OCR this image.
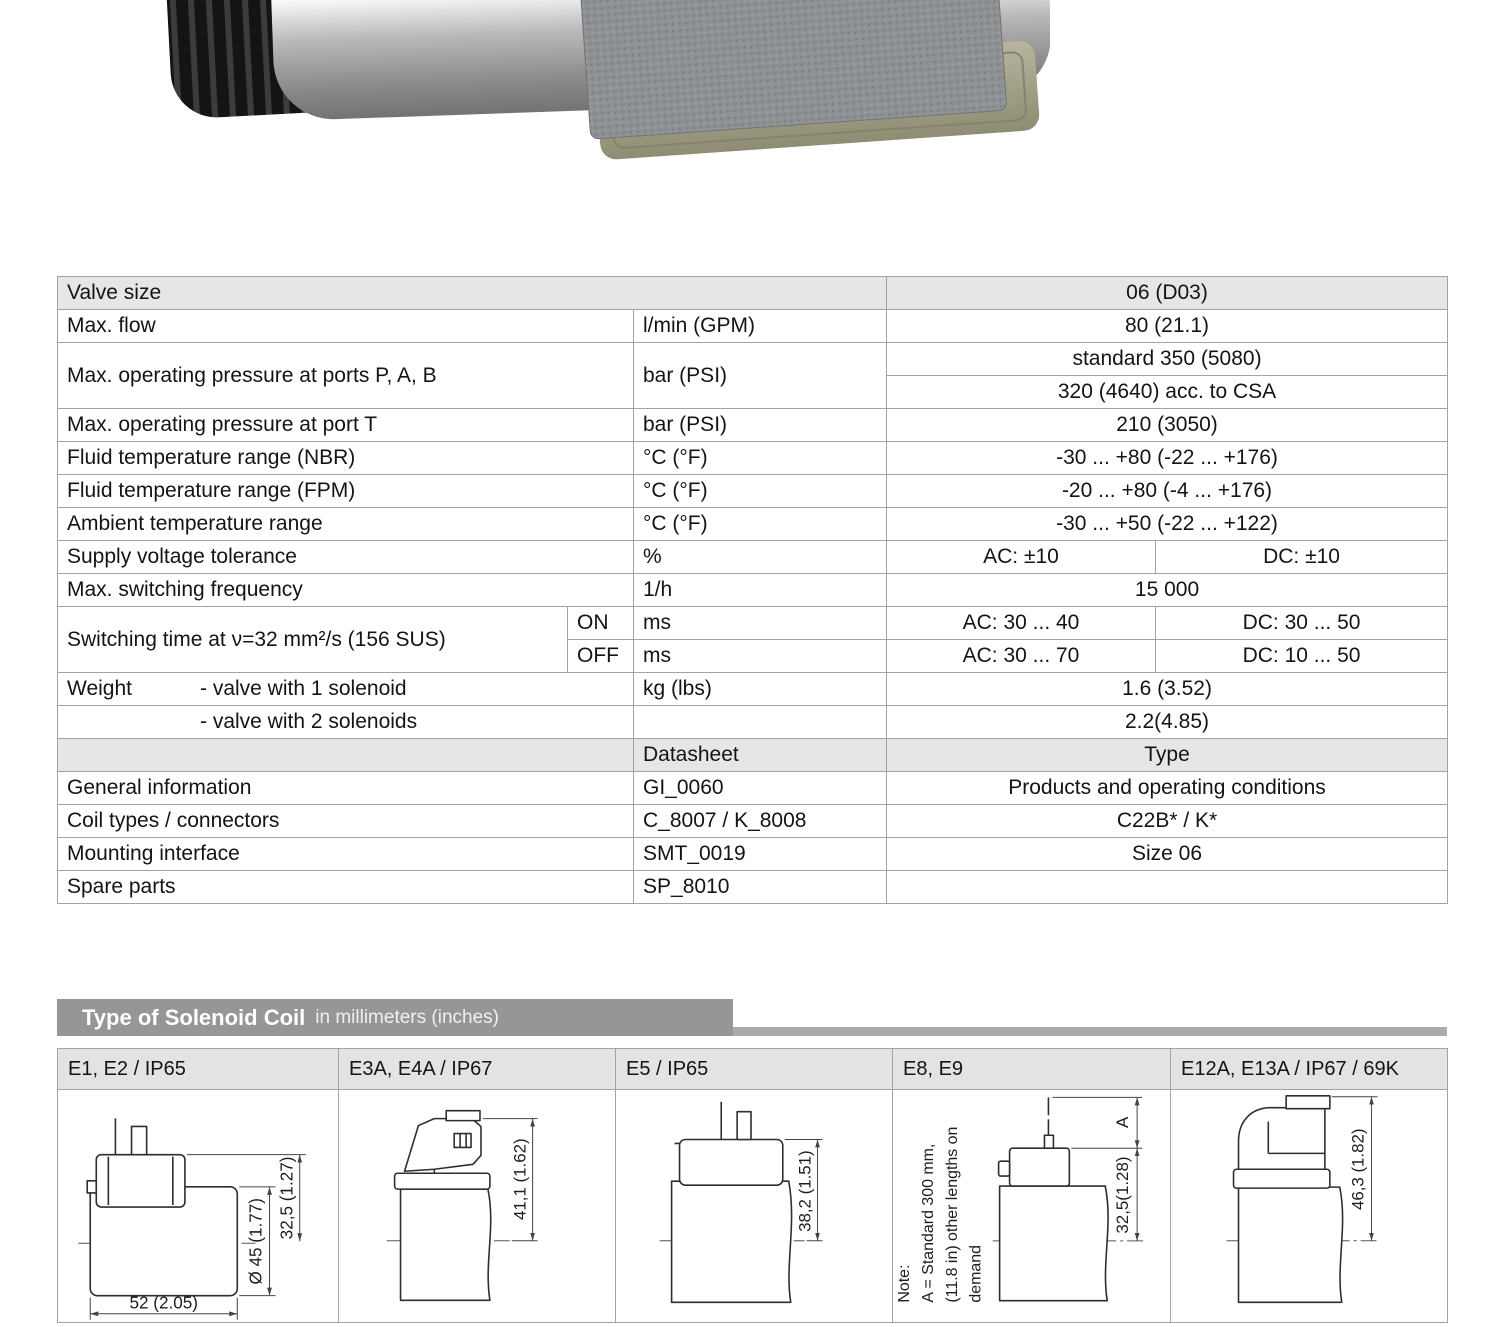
Valve size			06 (D03)	
Max. flow		l/min (GPM)	80 (21.1)	
Max. operating pressure at ports P, A, B		bar (PSI)	standard 350 (5080)	
			320 (4640) acc. to CSA	
Max. operating pressure at port T		bar (PSI)	210 (3050)	
Fluid temperature range (NBR)		°C (°F)	-30 ... +80 (-22 ... +176)	
Fluid temperature range (FPM)		°C (°F)	-20 ... +80 (-4 ... +176)	
Ambient temperature range		°C (°F)	-30 ... +50 (-22 ... +122)	
Supply voltage tolerance		%	AC: ±10	DC: ±10
Max. switching frequency		1/h	15 000	
Switching time at ν=32 mm²/s (156 SUS)	ON	ms	AC: 30 ... 40	DC: 30 ... 50
	OFF	ms	AC: 30 ... 70	DC: 10 ... 50
Weight - valve with 1 solenoid		kg (lbs)	1.6 (3.52)	
- valve with 2 solenoids			2.2(4.85)	
		Datasheet	Type	
General information		GI_0060	Products and operating conditions	
Coil types / connectors		C_8007 / K_8008	C22B* / K*	
Mounting interface		SMT_0019	Size 06	
Spare parts		SP_8010		
Type of Solenoid Coil in millimeters (inches)
E1, E2 / IP65	E3A, E4A / IP67	E5 / IP65	E8, E9	E12A, E13A / IP67 / 69K

Ø 45 (1.77)
32,5 (1.27)
52 (2.05)

41,1 (1.62)	38,2 (1.51)

Note: A = Standard 300 mm, (11.8 in) other lengths on demand
A
32,5(1.28)	46,3 (1.82)
